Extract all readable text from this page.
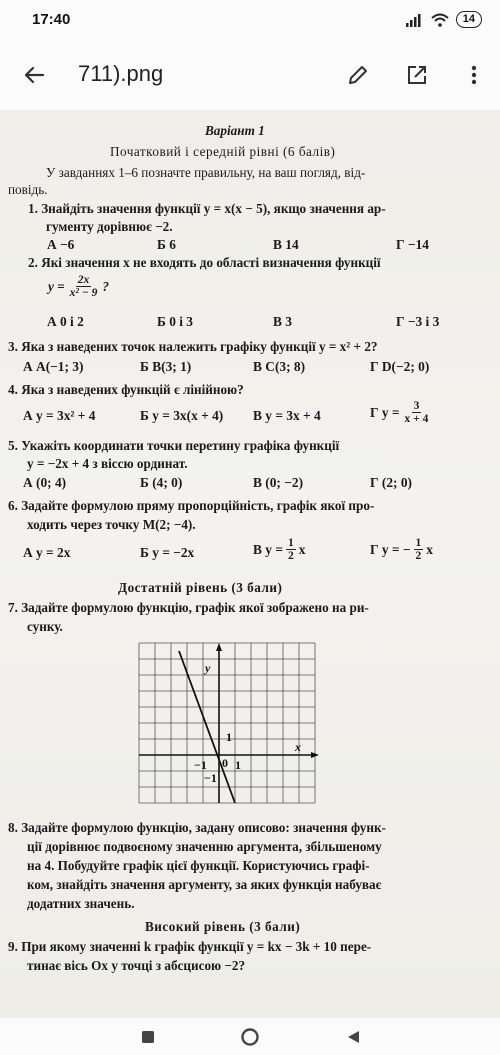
17:40	14
711).png
Варіант 1
Початковий і середній рівні (6 балів)
У завданнях 1–6 позначте правильну, на ваш погляд, від-
повідь.
1. Знайдіть значення функції y = x(x − 5), якщо значення ар-
гументу дорівнює −2.
А −6	Б 6	В 14	Г −14
2. Які значення x не входять до області визначення функції
$y = \frac{2x}{\text{x² − 9}}$ ?
А 0 і 2	Б 0 і 3	В 3	Г −3 і 3
3. Яка з наведених точок належить графіку функції y = x² + 2?
А A(−1; 3)	Б B(3; 1)	В C(3; 8)	Г D(−2; 0)
4. Яка з наведених функцій є лінійною?
А y = 3x² + 4	Б y = 3x(x + 4) В y = 3x + 4	Г $y = \frac{3}{x + 4}$
5. Укажіть координати точки перетину графіка функції
y = −2x + 4 з віссю ординат.
А (0; 4)	Б (4; 0)	В (0; −2)	Г (2; 0)
6. Задайте формулою пряму пропорційність, графік якої про-
ходить через точку M(2; −4).
А y = 2x	Б y = −2x	В $y = \frac{1}{2}$ x	Г y = − $\frac{1}{2}$ x
Достатній рівень (3 бали)
7. Задайте формулою функцію, графік якої зображено на ри-
сунку.
y
x
1
1
−1 0
−1
8. Задайте формулою функцію, задану описово: значення функ-
ції дорівнює подвоєному значенню аргумента, збільшеному
на 4. Побудуйте графік цієї функції. Користуючись графі-
ком, знайдіть значення аргументу, за яких функція набуває
додатних значень.
Високий рівень (3 бали)
9. При якому значенні k графік функції y = kx − 3k + 10 пере-
тинає вісь Ox у точці з абсцисою −2?
